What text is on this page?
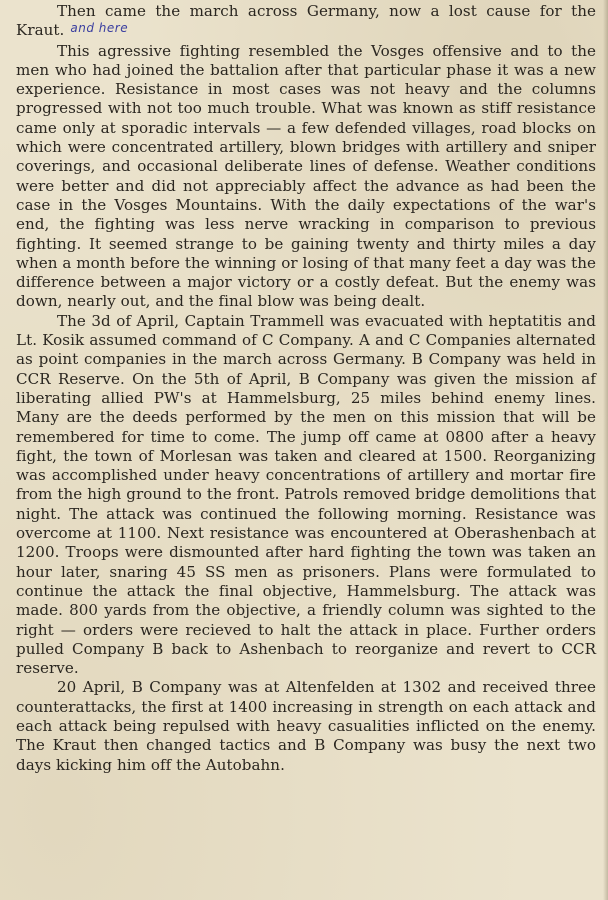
Then came the march across Germany, now a lost cause for the Kraut. and here

This agressive fighting resembled the Vosges offensive and to the men who had joined the battalion after that particular phase it was a new experience. Resistance in most cases was not heavy and the columns progressed with not too much trouble. What was known as stiff resistance came only at sporadic intervals — a few defended villages, road blocks on which were concentrated artillery, blown bridges with artillery and sniper coverings, and occasional deliberate lines of defense. Weather conditions were better and did not appreciably affect the advance as had been the case in the Vosges Mountains. With the daily expectations of the war's end, the fighting was less nerve wracking in comparison to previous fighting. It seemed strange to be gaining twenty and thirty miles a day when a month before the winning or losing of that many feet a day was the difference between a major victory or a costly defeat. But the enemy was down, nearly out, and the final blow was being dealt.

The 3d of April, Captain Trammell was evacuated with heptatitis and Lt. Kosik assumed command of C Company. A and C Companies alternated as point companies in the march across Germany. B Company was held in CCR Reserve. On the 5th of April, B Company was given the mission af liberating allied PW's at Hammelsburg, 25 miles behind enemy lines. Many are the deeds performed by the men on this mission that will be remembered for time to come. The jump off came at 0800 after a heavy fight, the town of Morlesan was taken and cleared at 1500. Reorganizing was accomplished under heavy concentrations of artillery and mortar fire from the high ground to the front. Patrols removed bridge demolitions that night. The attack was continued the following morning. Resistance was overcome at 1100. Next resistance was encountered at Oberashenbach at 1200. Troops were dismounted after hard fighting the town was taken an hour later, snaring 45 SS men as prisoners. Plans were formulated to continue the attack the final objective, Hammelsburg. The attack was made. 800 yards from the objective, a friendly column was sighted to the right — orders were recieved to halt the attack in place. Further orders pulled Company B back to Ashenbach to reorganize and revert to CCR reserve.

20 April, B Company was at Altenfelden at 1302 and received three counterattacks, the first at 1400 increasing in strength on each attack and each attack being repulsed with heavy casualities inflicted on the enemy. The Kraut then changed tactics and B Company was busy the next two days kicking him off the Autobahn.
